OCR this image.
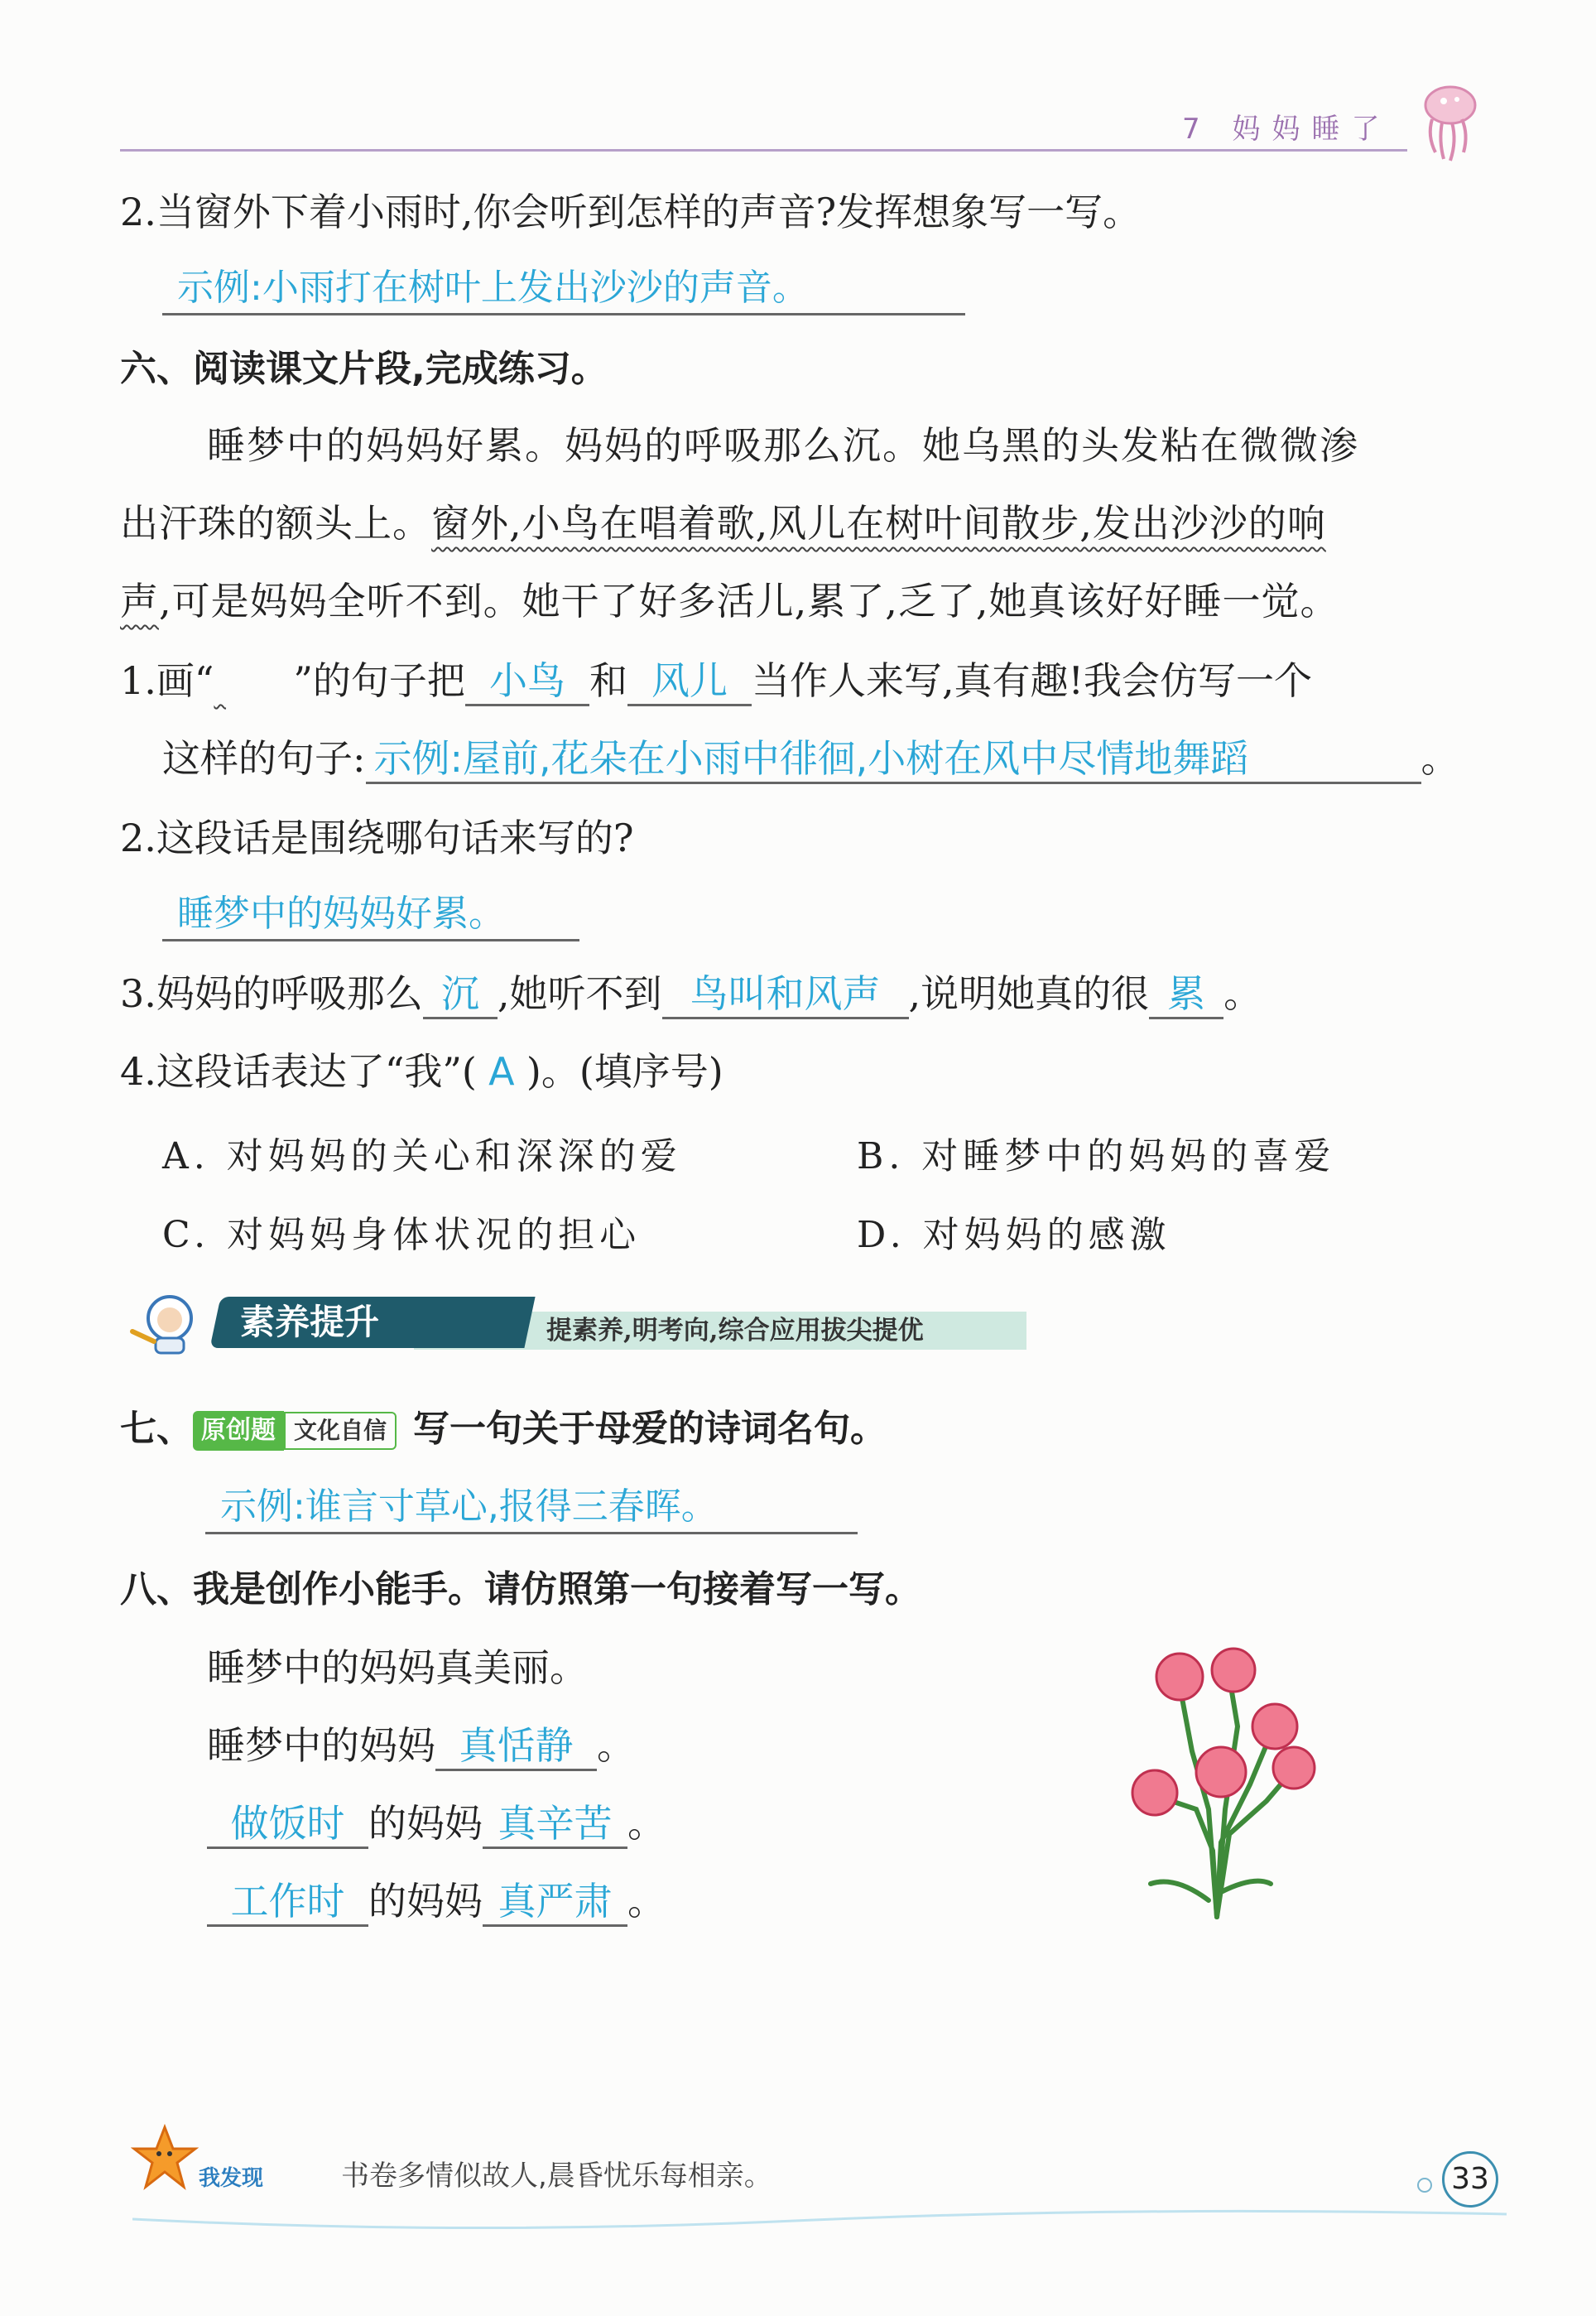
7 妈妈睡了
2.当窗外下着小雨时,你会听到怎样的声音?发挥想象写一写。
示例:小雨打在树叶上发出沙沙的声音。
六、阅读课文片段,完成练习。
睡梦中的妈妈好累。妈妈的呼吸那么沉。她乌黑的头发粘在微微渗
出汗珠的额头上。窗外,小鸟在唱着歌,风儿在树叶间散步,发出沙沙的响
声,可是妈妈全听不到。她干了好多活儿,累了,乏了,她真该好好睡一觉。
1.画“ ”的句子把 小鸟 和 风儿 当作人来写,真有趣!我会仿写一个
这样的句子: 示例:屋前,花朵在小雨中徘徊,小树在风中尽情地舞蹈	。
2.这段话是围绕哪句话来写的?
睡梦中的妈妈好累。
3.妈妈的呼吸那么 沉 ,她听不到 鸟叫和风声 ,说明她真的很 累 。
4.这段话表达了“我”( A )。(填序号)
A. 对妈妈的关心和深深的爱	B. 对睡梦中的妈妈的喜爱
C. 对妈妈身体状况的担心	D. 对妈妈的感激
提素养,明考向,综合应用拔尖提优
素养提升
七、 原创题 文化自信 写一句关于母爱的诗词名句。
示例:谁言寸草心,报得三春晖。
八、我是创作小能手。请仿照第一句接着写一写。
睡梦中的妈妈真美丽。
睡梦中的妈妈 真恬静 。
做饭时 的妈妈 真辛苦 。
工作时 的妈妈 真严肃 。
我发现	书卷多情似故人,晨昏忧乐每相亲。	33
